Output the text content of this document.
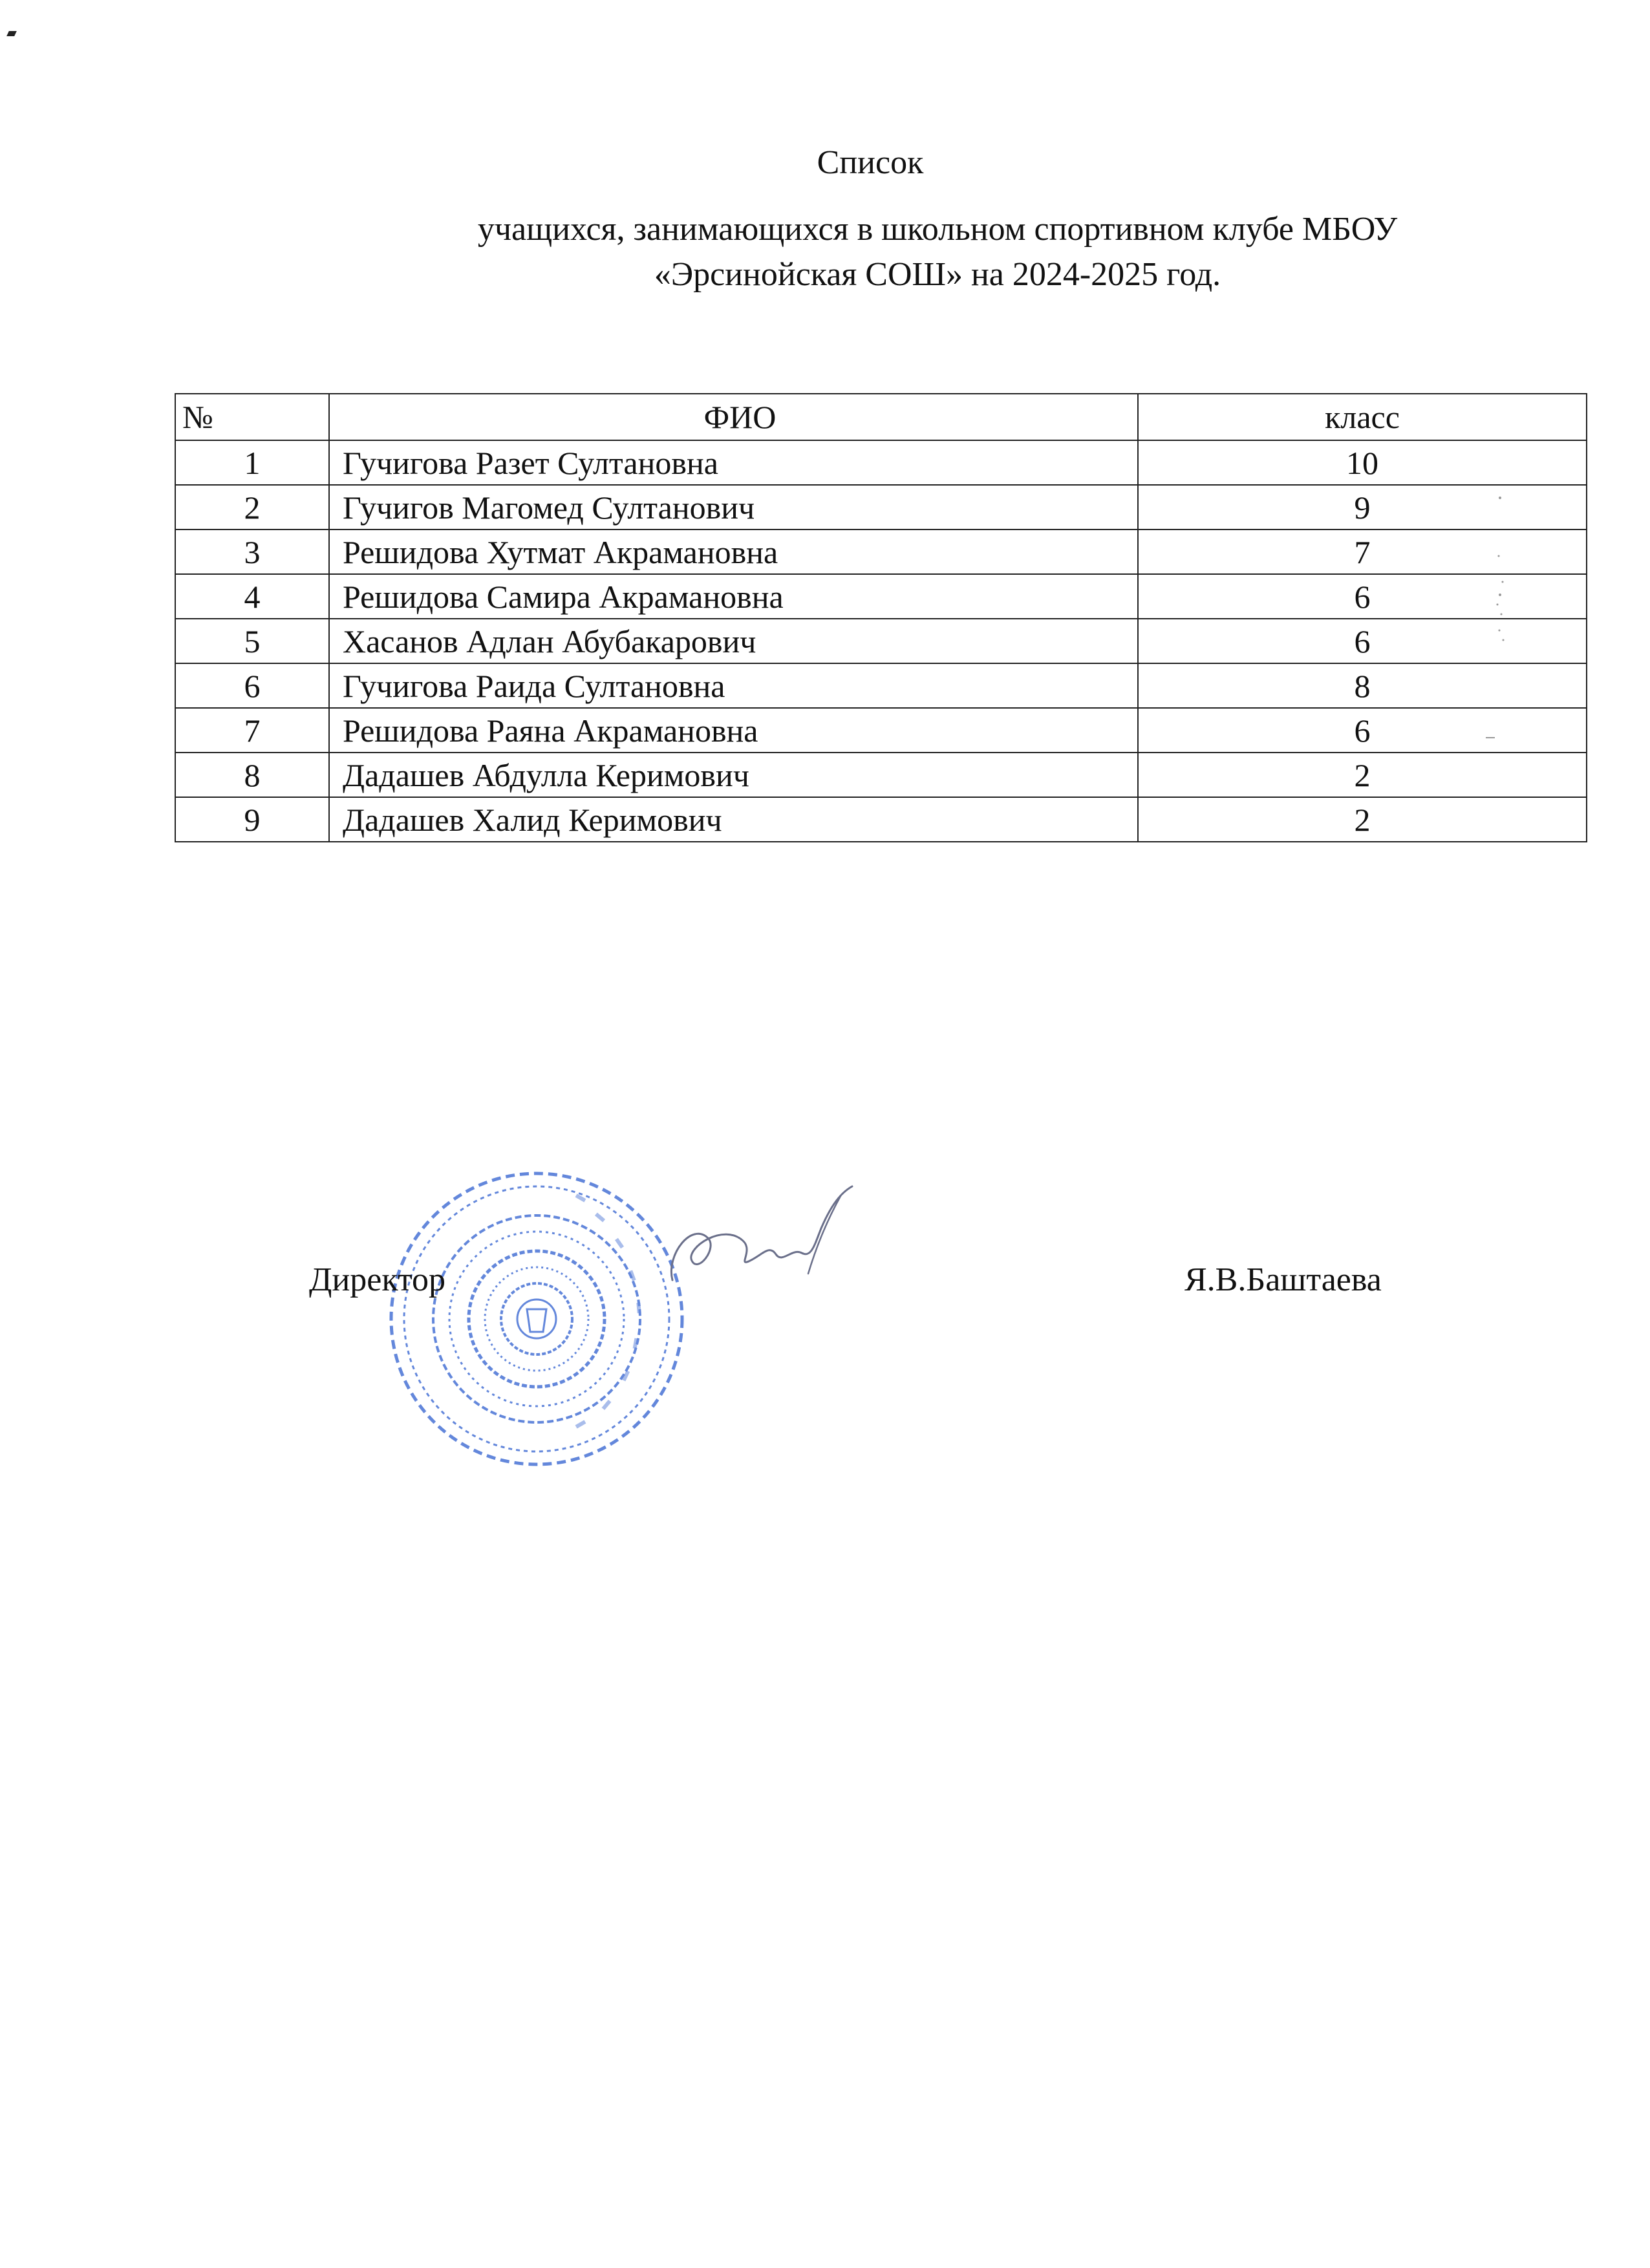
Список
учащихся, занимающихся в школьном спортивном клубе МБОУ
«Эрсинойская СОШ» на 2024-2025 год.
№	ФИО	класс
1	Гучигова Разет Султановна	10
2	Гучигов Магомед Султанович	9
3	Решидова Хутмат Акрамановна	7
4	Решидова Самира Акрамановна	6
5	Хасанов Адлан Абубакарович	6
6	Гучигова Раида Султановна	8
7	Решидова Раяна Акрамановна	6
8	Дадашев Абдулла Керимович	2
9	Дадашев Халид Керимович	2
Директор	Я.В.Баштаева
